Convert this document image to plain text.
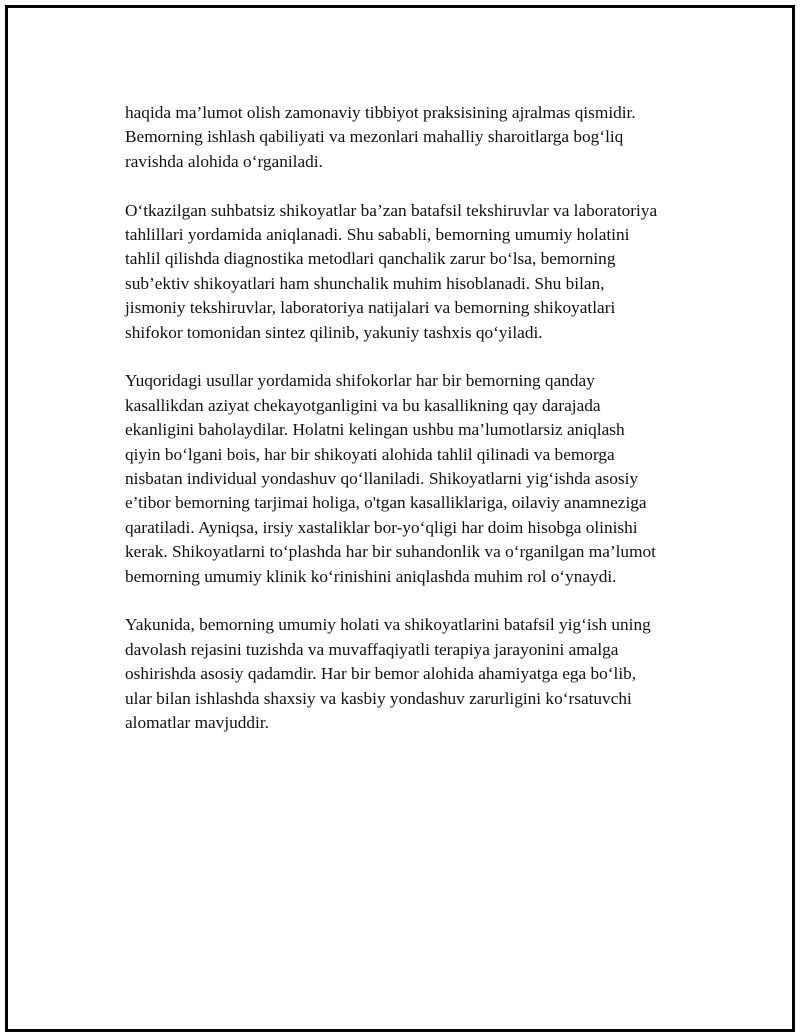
haqida ma’lumot olish zamonaviy tibbiyot praksisining ajralmas qismidir.
Bemorning ishlash qabiliyati va mezonlari mahalliy sharoitlarga bog‘liq
ravishda alohida o‘rganiladi.

O‘tkazilgan suhbatsiz shikoyatlar ba’zan batafsil tekshiruvlar va laboratoriya
tahlillari yordamida aniqlanadi. Shu sababli, bemorning umumiy holatini
tahlil qilishda diagnostika metodlari qanchalik zarur bo‘lsa, bemorning
sub’ektiv shikoyatlari ham shunchalik muhim hisoblanadi. Shu bilan,
jismoniy tekshiruvlar, laboratoriya natijalari va bemorning shikoyatlari
shifokor tomonidan sintez qilinib, yakuniy tashxis qo‘yiladi.

Yuqoridagi usullar yordamida shifokorlar har bir bemorning qanday
kasallikdan aziyat chekayotganligini va bu kasallikning qay darajada
ekanligini baholaydilar. Holatni kelingan ushbu ma’lumotlarsiz aniqlash
qiyin bo‘lgani bois, har bir shikoyati alohida tahlil qilinadi va bemorga
nisbatan individual yondashuv qo‘llaniladi. Shikoyatlarni yig‘ishda asosiy
e’tibor bemorning tarjimai holiga, o'tgan kasalliklariga, oilaviy anamneziga
qaratiladi. Ayniqsa, irsiy xastaliklar bor-yo‘qligi har doim hisobga olinishi
kerak. Shikoyatlarni to‘plashda har bir suhandonlik va o‘rganilgan ma’lumot
bemorning umumiy klinik ko‘rinishini aniqlashda muhim rol o‘ynaydi.

Yakunida, bemorning umumiy holati va shikoyatlarini batafsil yig‘ish uning
davolash rejasini tuzishda va muvaffaqiyatli terapiya jarayonini amalga
oshirishda asosiy qadamdir. Har bir bemor alohida ahamiyatga ega bo‘lib,
ular bilan ishlashda shaxsiy va kasbiy yondashuv zarurligini ko‘rsatuvchi
alomatlar mavjuddir.
